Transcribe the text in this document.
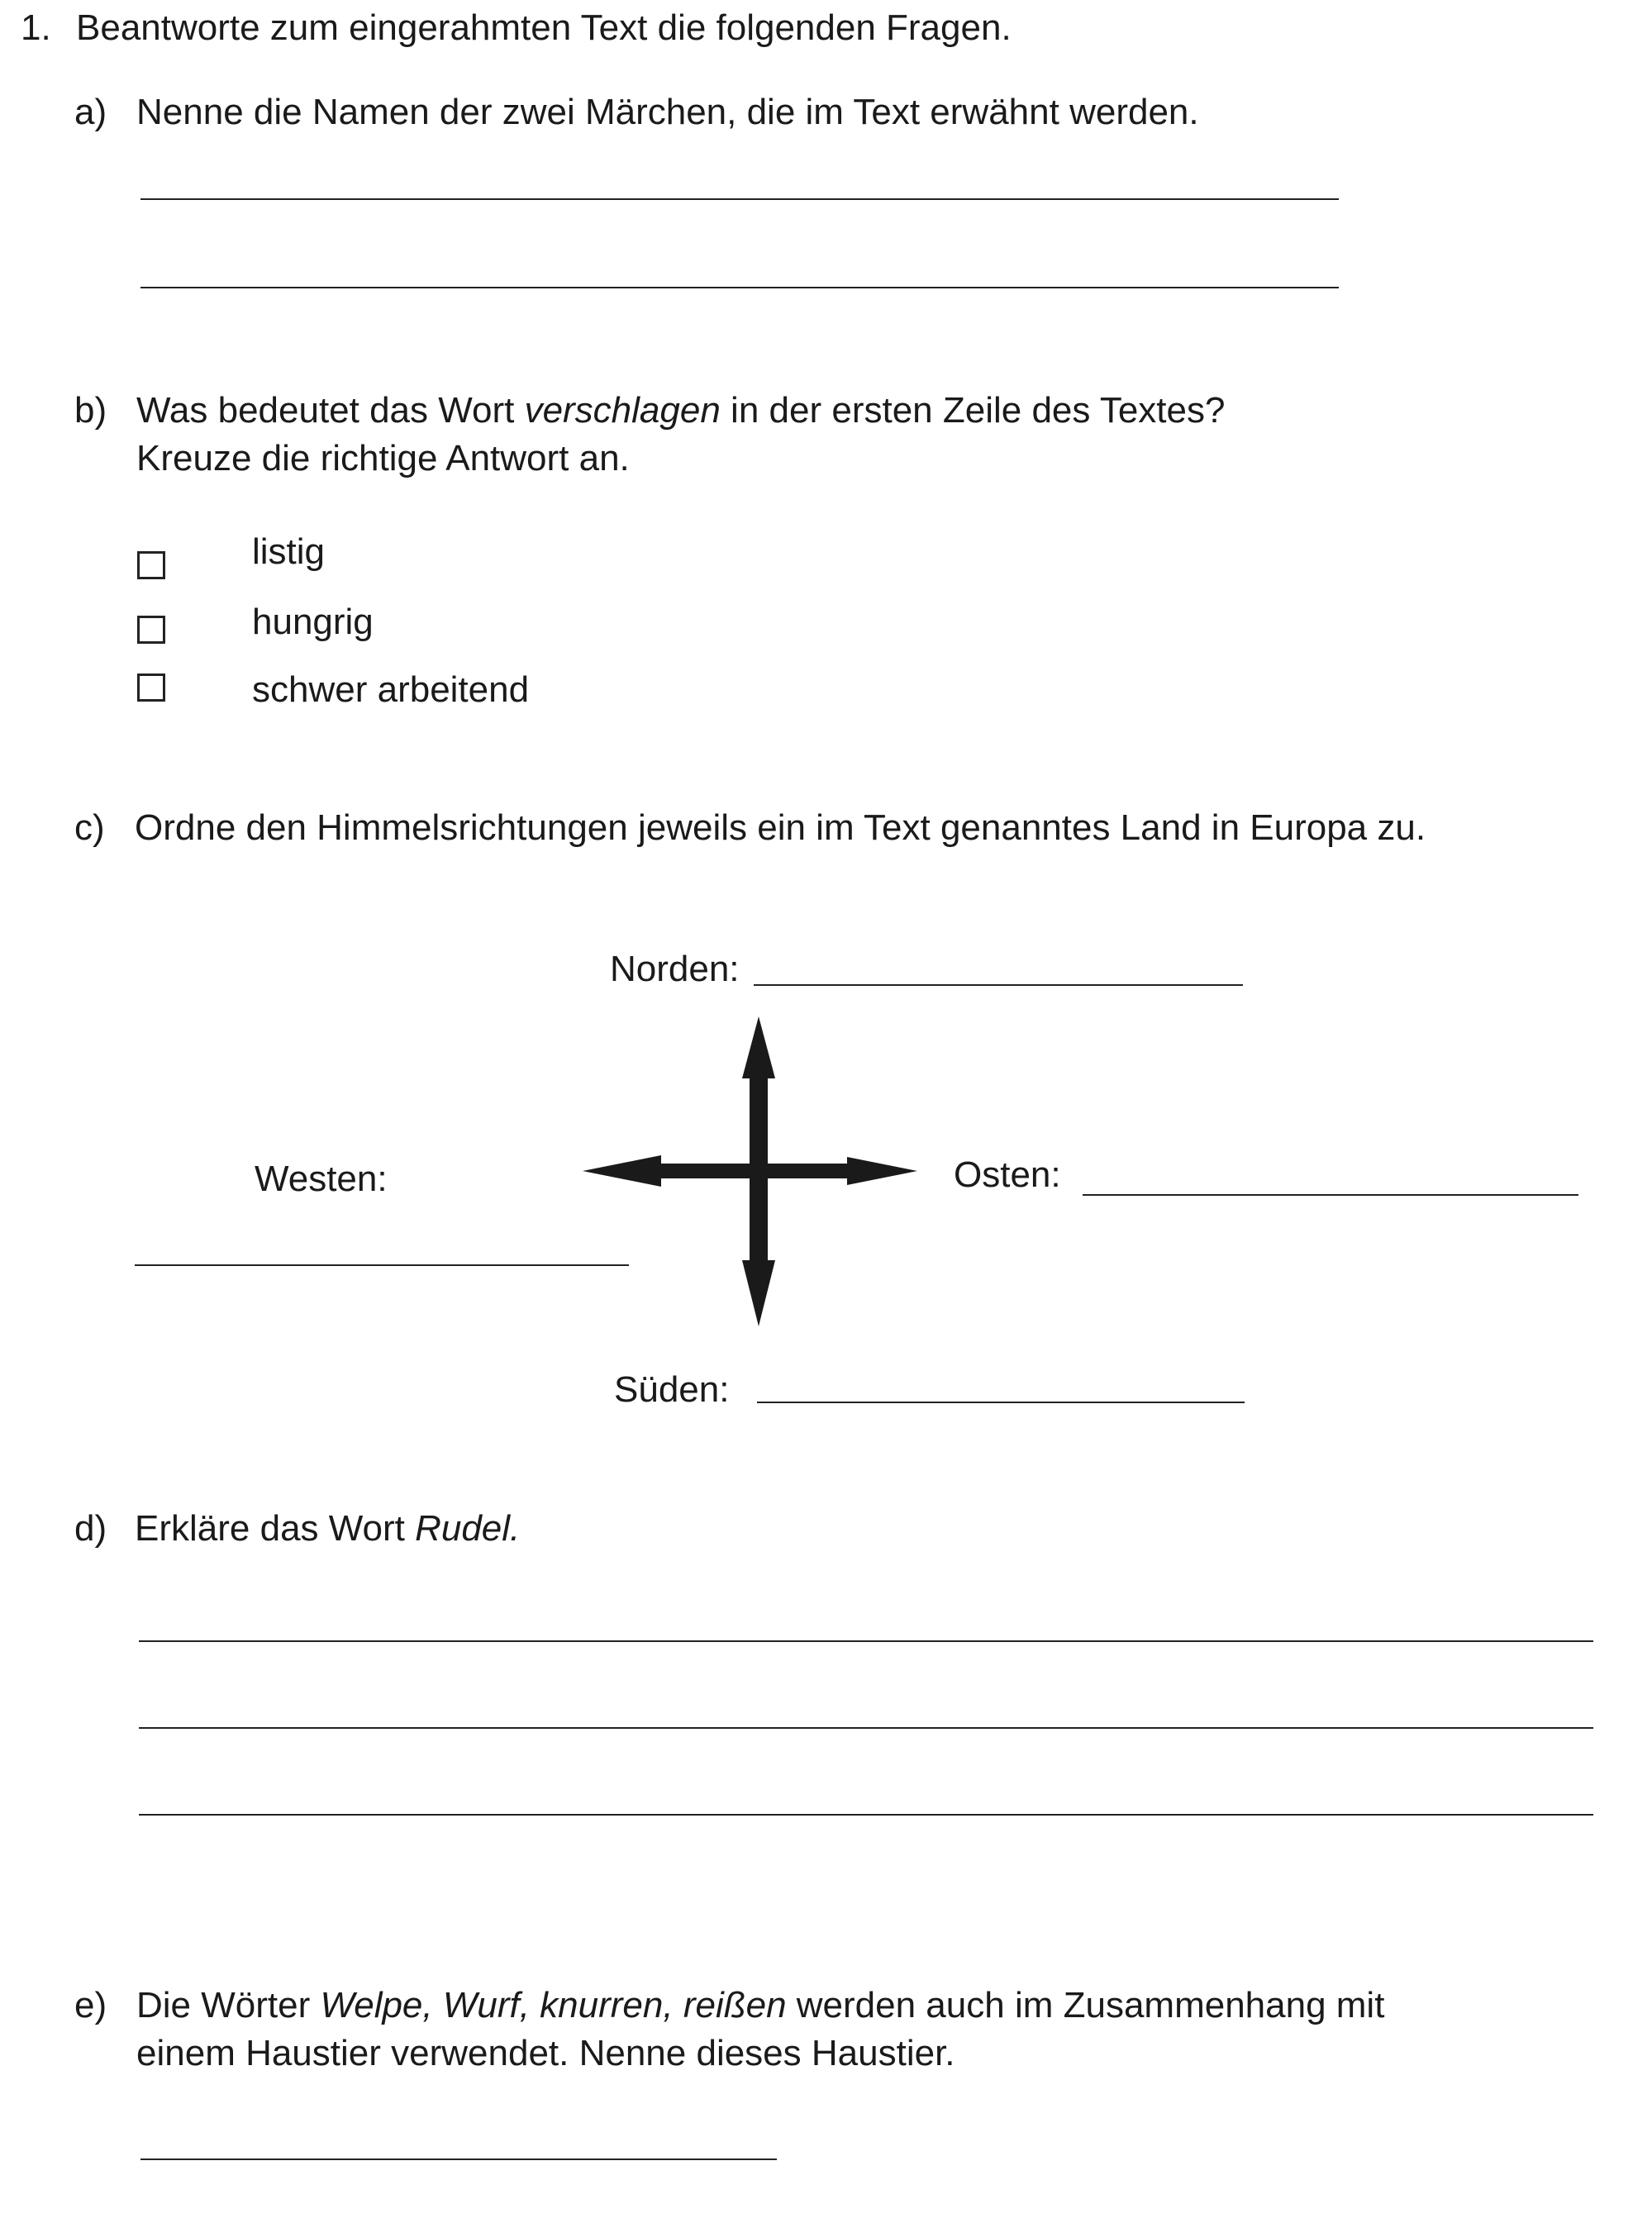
1. Beantworte zum eingerahmten Text die folgenden Fragen.
a) Nenne die Namen der zwei Märchen, die im Text erwähnt werden.
b) Was bedeutet das Wort verschlagen in der ersten Zeile des Textes?
Kreuze die richtige Antwort an.
listig
hungrig
schwer arbeitend
c) Ordne den Himmelsrichtungen jeweils ein im Text genanntes Land in Europa zu.
Norden:
Westen:	Osten:
Süden:
d) Erkläre das Wort Rudel.
e) Die Wörter Welpe, Wurf, knurren, reißen werden auch im Zusammenhang mit
einem Haustier verwendet. Nenne dieses Haustier.
